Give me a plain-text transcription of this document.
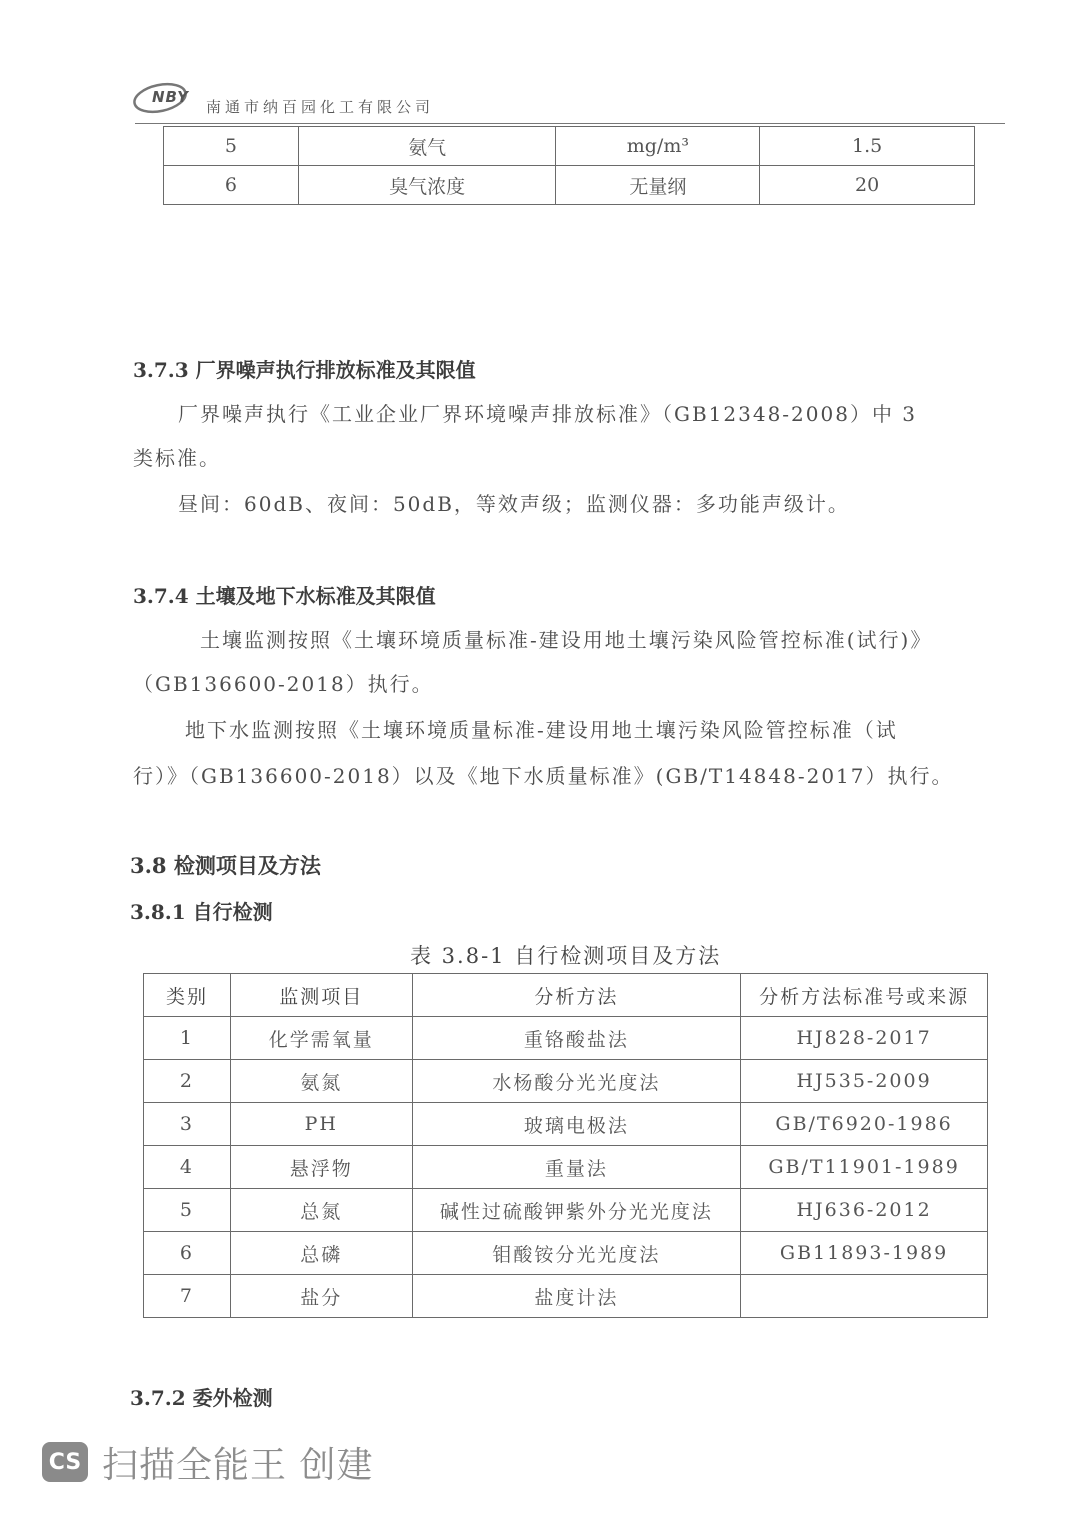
NBY
南通市纳百园化工有限公司
5	氨气	mg/m³	1.5
6	臭气浓度	无量纲	20
3.7.3 厂界噪声执行排放标准及其限值
厂界噪声执行《工业企业厂界环境噪声排放标准》（GB12348-2008）中 3
类标准。
昼间：60dB、夜间：50dB，等效声级；监测仪器：多功能声级计。
3.7.4 土壤及地下水标准及其限值
土壤监测按照《土壤环境质量标准-建设用地土壤污染风险管控标准(试行)》
（GB136600-2018）执行。
地下水监测按照《土壤环境质量标准-建设用地土壤污染风险管控标准（试
行）》（GB136600-2018）以及《地下水质量标准》(GB/T14848-2017）执行。
3.8 检测项目及方法
3.8.1 自行检测
表 3.8-1 自行检测项目及方法
类别	监测项目	分析方法	分析方法标准号或来源
1	化学需氧量	重铬酸盐法	HJ828-2017
2	氨氮	水杨酸分光光度法	HJ535-2009
3	PH	玻璃电极法	GB/T6920-1986
4	悬浮物	重量法	GB/T11901-1989
5	总氮	碱性过硫酸钾紫外分光光度法	HJ636-2012
6	总磷	钼酸铵分光光度法	GB11893-1989
7	盐分	盐度计法	
3.7.2 委外检测
CS 扫描全能王 创建
